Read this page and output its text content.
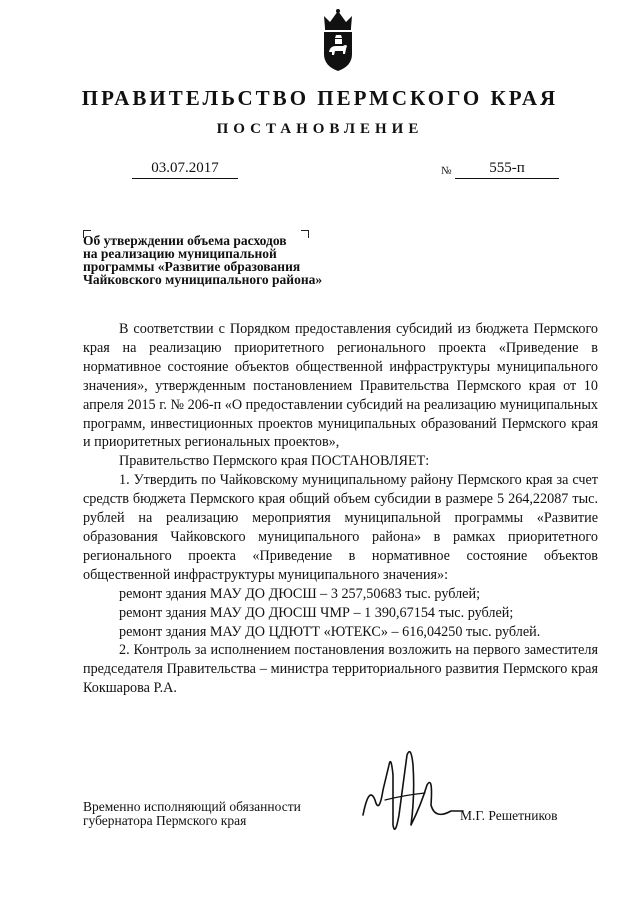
ПРАВИТЕЛЬСТВО ПЕРМСКОГО КРАЯ
ПОСТАНОВЛЕНИЕ
03.07.2017	№	555-п
Об утверждении объема расходов
на реализацию муниципальной
программы «Развитие образования
Чайковского муниципального района»

В соответствии с Порядком предоставления субсидий из бюджета Пермского края на реализацию приоритетного регионального проекта «Приведение в нормативное состояние объектов общественной инфраструктуры муниципального значения», утвержденным постановлением Правительства Пермского края от 10 апреля 2015 г. № 206-п «О предоставлении субсидий на реализацию муниципальных программ, инвестиционных проектов муниципальных образований Пермского края и приоритетных региональных проектов»,

Правительство Пермского края ПОСТАНОВЛЯЕТ:

1. Утвердить по Чайковскому муниципальному району Пермского края за счет средств бюджета Пермского края общий объем субсидии в размере 5 264,22087 тыс. рублей на реализацию мероприятия муниципальной программы «Развитие образования Чайковского муниципального района» в рамках приоритетного регионального проекта «Приведение в нормативное состояние объектов общественной инфраструктуры муниципального значения»:

ремонт здания МАУ ДО ДЮСШ – 3 257,50683 тыс. рублей;

ремонт здания МАУ ДО ДЮСШ ЧМР – 1 390,67154 тыс. рублей;

ремонт здания МАУ ДО ЦДЮТТ «ЮТЕКС» – 616,04250 тыс. рублей.

2. Контроль за исполнением постановления возложить на первого заместителя председателя Правительства – министра территориального развития Пермского края Кокшарова Р.А.

Временно исполняющий обязанности
губернатора Пермского края	М.Г. Решетников
